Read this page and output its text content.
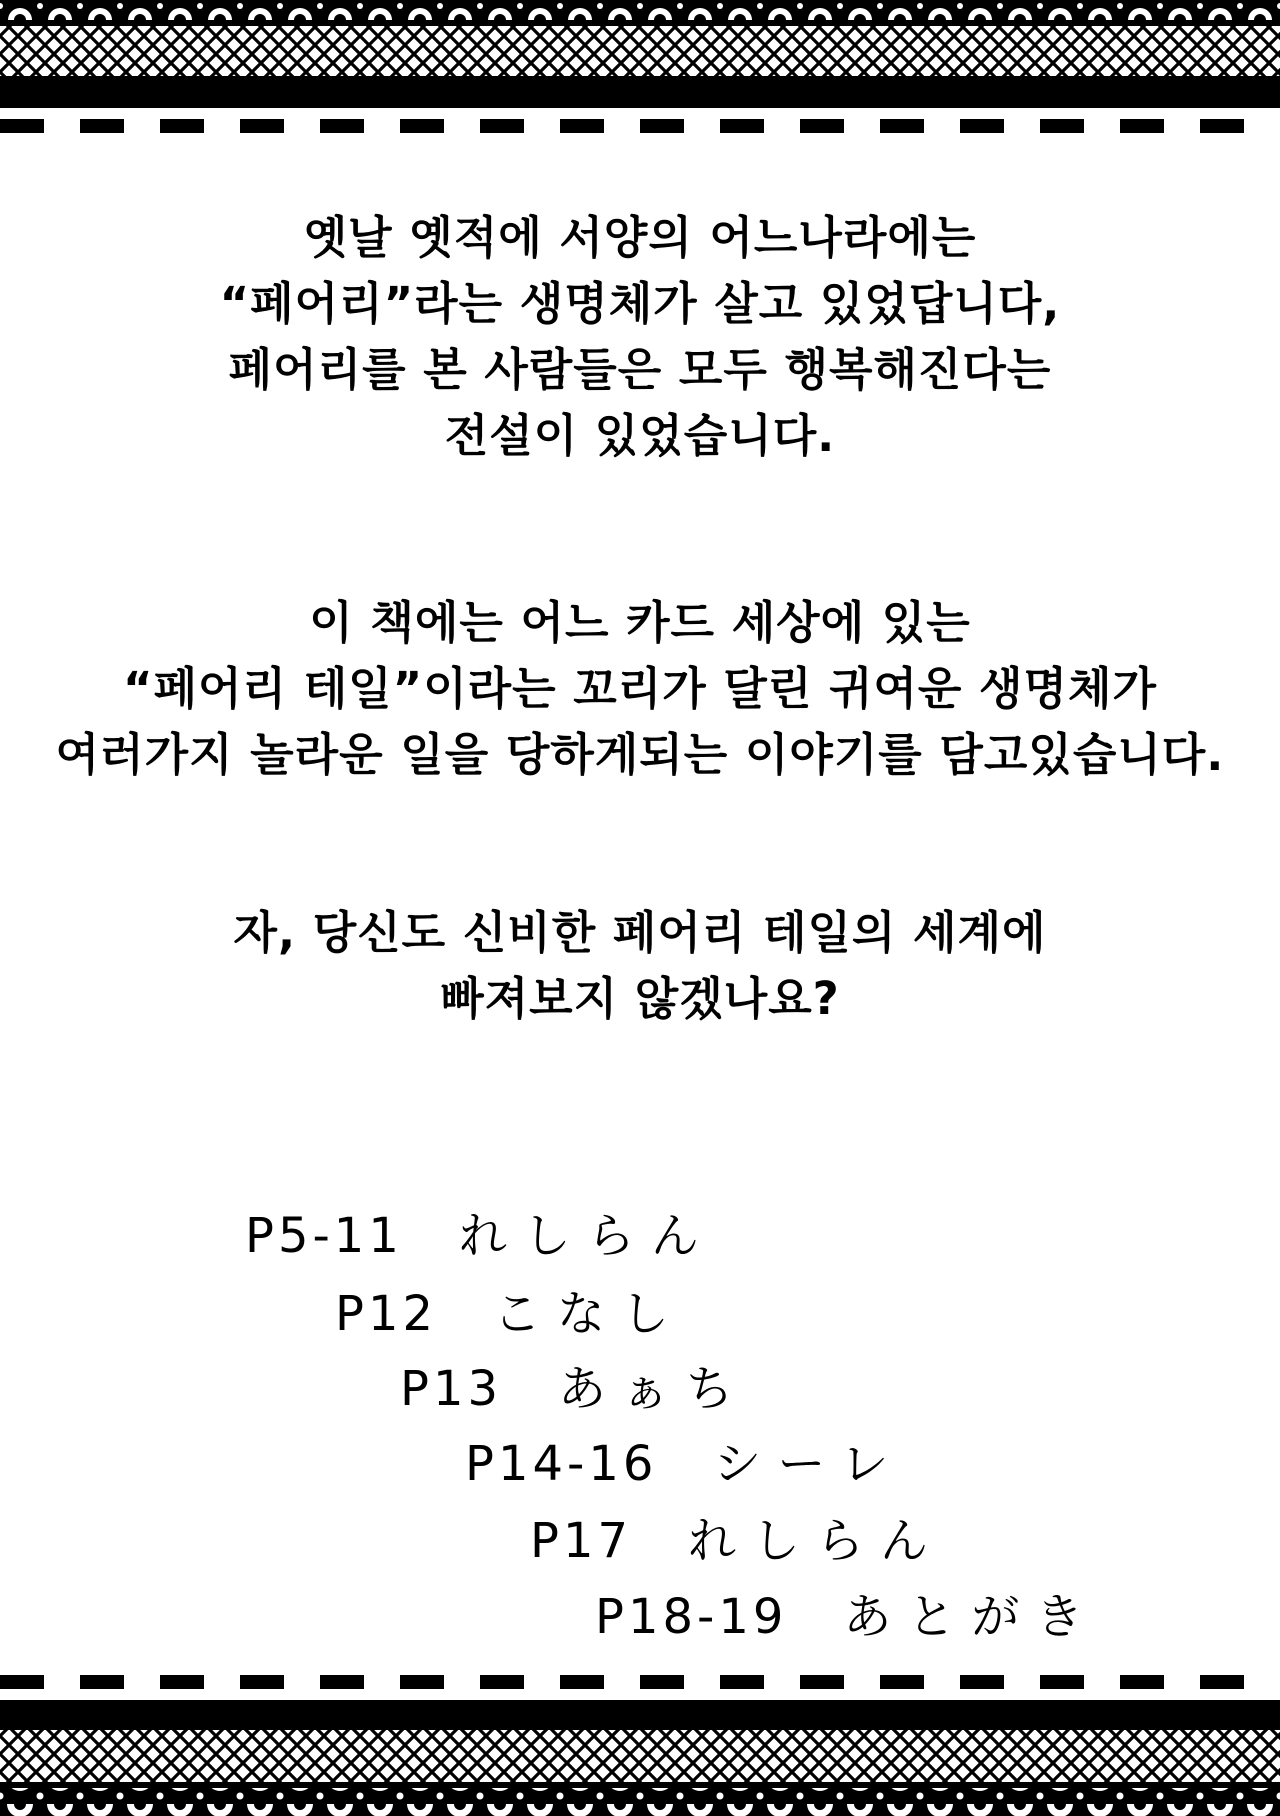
옛날 옛적에 서양의 어느나라에는

“페어리”라는 생명체가 살고 있었답니다,

페어리를 본 사람들은 모두 행복해진다는

전설이 있었습니다.

이 책에는 어느 카드 세상에 있는

“페어리 테일”이라는 꼬리가 달린 귀여운 생명체가

여러가지 놀라운 일을 당하게되는 이야기를 담고있습니다.

자, 당신도 신비한 페어리 테일의 세계에

빠져보지 않겠나요?

P5-11 れしらん
P12 こなし
P13 あぁち
P14-16 シーレ
P17 れしらん
P18-19 あとがき
